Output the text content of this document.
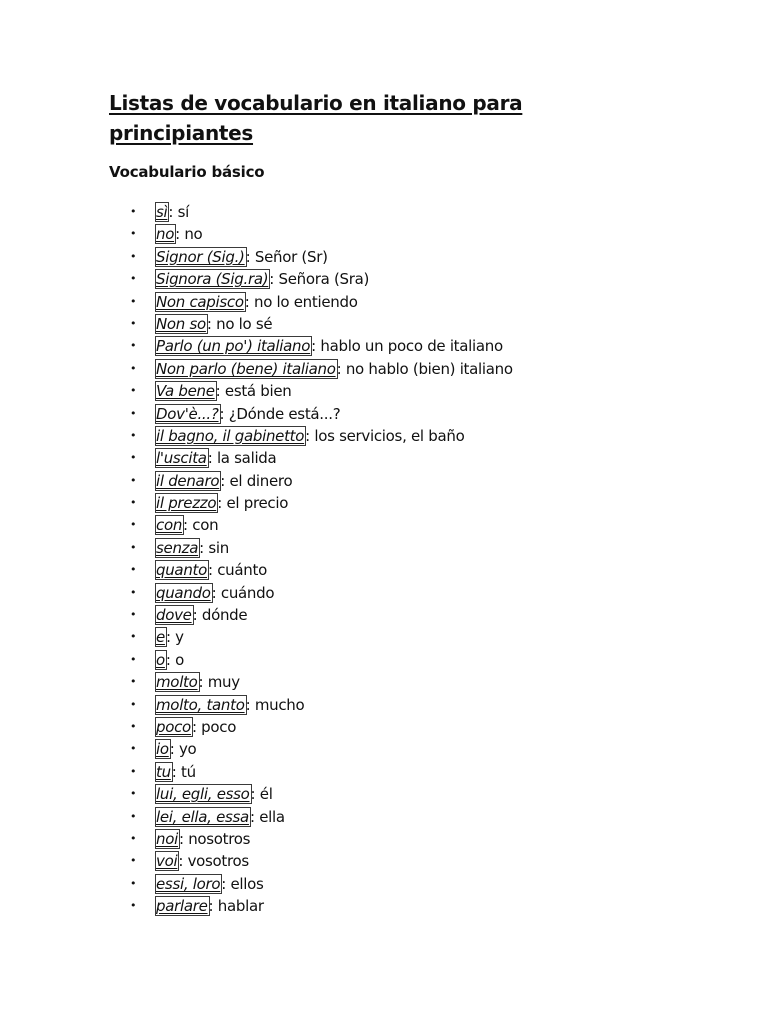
Listas de vocabulario en italiano para principiantes
Vocabulario básico
• sì: sí
• no: no
• Signor (Sig.): Señor (Sr)
• Signora (Sig.ra): Señora (Sra)
• Non capisco: no lo entiendo
• Non so: no lo sé
• Parlo (un po') italiano: hablo un poco de italiano
• Non parlo (bene) italiano: no hablo (bien) italiano
• Va bene: está bien
• Dov'è...?: ¿Dónde está...?
• il bagno, il gabinetto: los servicios, el baño
• l'uscita: la salida
• il denaro: el dinero
• il prezzo: el precio
• con: con
• senza: sin
• quanto: cuánto
• quando: cuándo
• dove: dónde
• e: y
• o: o
• molto: muy
• molto, tanto: mucho
• poco: poco
• io: yo
• tu: tú
• lui, egli, esso: él
• lei, ella, essa: ella
• noi: nosotros
• voi: vosotros
• essi, loro: ellos
• parlare: hablar
